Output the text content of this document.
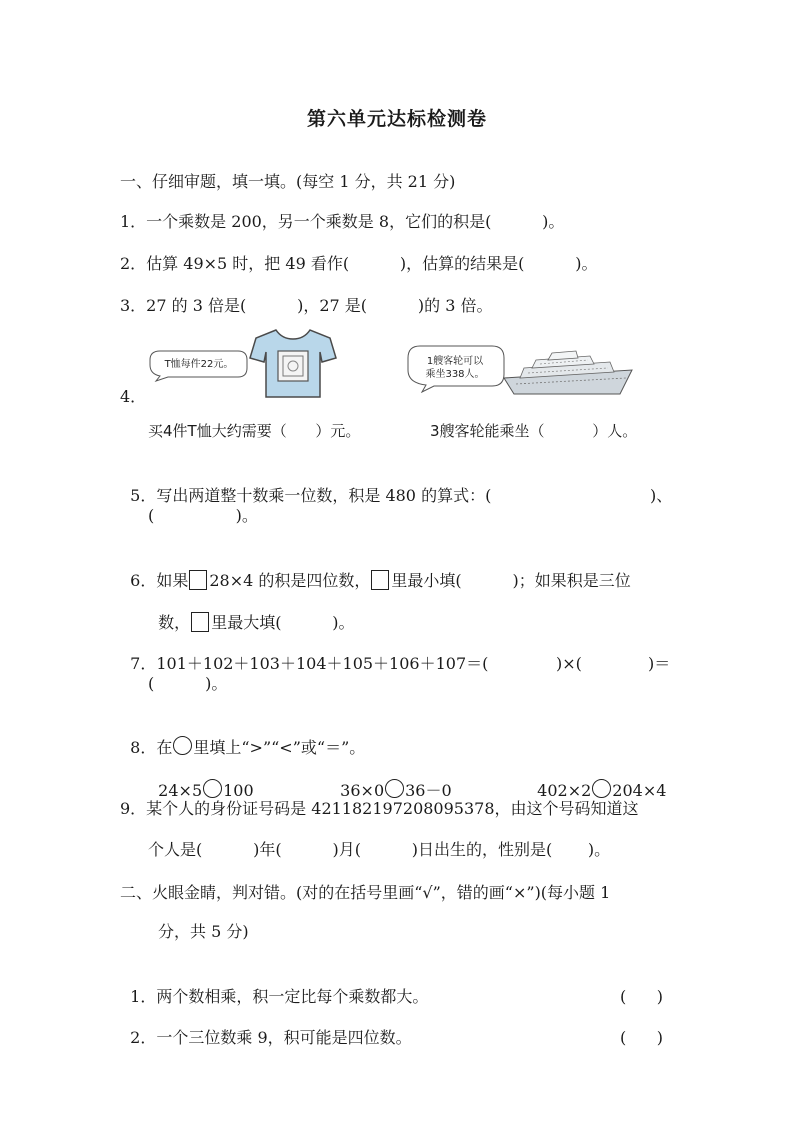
第六单元达标检测卷
一、仔细审题，填一填。(每空 1 分，共 21 分)
1．一个乘数是 200，另一个乘数是 8，它们的积是(          )。
2．估算 49×5 时，把 49 看作(          )，估算的结果是(          )。
3．27 的 3 倍是(          )，27 是(          )的 3 倍。
4．
T恤每件22元。	1艘客轮可以
乘坐338人。
买4件T恤大约需要（      ）元。	3艘客轮能乘坐（          ）人。

5．写出两道整十数乘一位数，积是 480 的算式：(	)、

(                )。

6．如果 28×4 的积是四位数， 里最小填(          )；如果积是三位

数， 里最大填(          )。

7．101＋102＋103＋104＋105＋106＋107＝(	)×(	)＝

(          )。

8．在 里填上“>”“<”或“＝”。

24×5 100	36×0 36－0	402×2 204×4

9．某个人的身份证号码是 421182197208095378，由这个号码知道这
个人是(          )年(          )月(          )日出生的，性别是(       )。
二、火眼金睛，判对错。(对的在括号里画“√”，错的画“×”)(每小题 1
分，共 5 分)

1．两个数相乘，积一定比每个乘数都大。	(      )

2．一个三位数乘 9，积可能是四位数。	(      )
